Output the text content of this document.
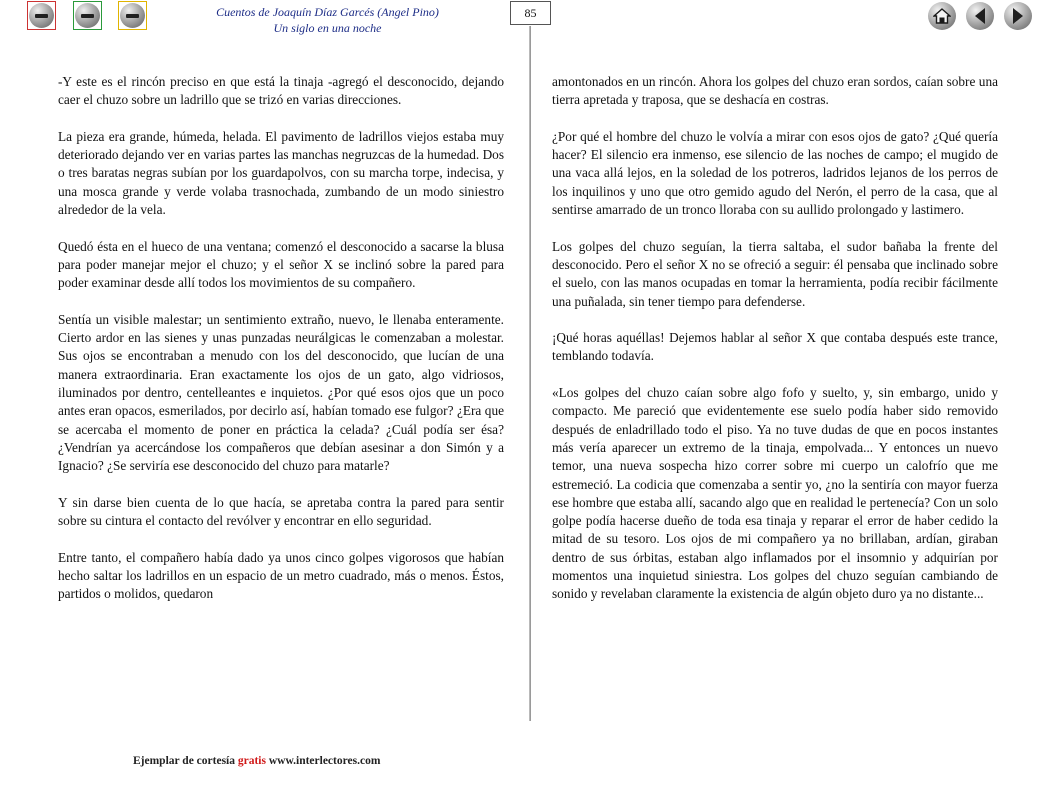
Cuentos de Joaquín Díaz Garcés (Angel Pino)
Un siglo en una noche
85

-Y este es el rincón preciso en que está la tinaja -agregó el desconocido, dejando caer el chuzo sobre un ladrillo que se trizó en varias direcciones.

La pieza era grande, húmeda, helada. El pavimento de ladrillos viejos estaba muy deteriorado dejando ver en varias partes las manchas negruzcas de la humedad. Dos o tres baratas negras subían por los guardapolvos, con su marcha torpe, indecisa, y una mosca grande y verde volaba trasnochada, zumbando de un modo siniestro alrededor de la vela.

Quedó ésta en el hueco de una ventana; comenzó el desconocido a sacarse la blusa para poder manejar mejor el chuzo; y el señor X se inclinó sobre la pared para poder examinar desde allí todos los movimientos de su compañero.

Sentía un visible malestar; un sentimiento extraño, nuevo, le llenaba enteramente. Cierto ardor en las sienes y unas punzadas neurálgicas le comenzaban a molestar. Sus ojos se encontraban a menudo con los del desconocido, que lucían de una manera extraordinaria. Eran exactamente los ojos de un gato, algo vidriosos, iluminados por dentro, centelleantes e inquietos. ¿Por qué esos ojos que un poco antes eran opacos, esmerilados, por decirlo así, habían tomado ese fulgor? ¿Era que se acercaba el momento de poner en práctica la celada? ¿Cuál podía ser ésa? ¿Vendrían ya acercándose los compañeros que debían asesinar a don Simón y a Ignacio? ¿Se serviría ese desconocido del chuzo para matarle?

Y sin darse bien cuenta de lo que hacía, se apretaba contra la pared para sentir sobre su cintura el contacto del revólver y encontrar en ello seguridad.

Entre tanto, el compañero había dado ya unos cinco golpes vigorosos que habían hecho saltar los ladrillos en un espacio de un metro cuadrado, más o menos. Éstos, partidos o molidos, quedaron

amontonados en un rincón. Ahora los golpes del chuzo eran sordos, caían sobre una tierra apretada y traposa, que se deshacía en costras.

¿Por qué el hombre del chuzo le volvía a mirar con esos ojos de gato? ¿Qué quería hacer? El silencio era inmenso, ese silencio de las noches de campo; el mugido de una vaca allá lejos, en la soledad de los potreros, ladridos lejanos de los perros de los inquilinos y uno que otro gemido agudo del Nerón, el perro de la casa, que al sentirse amarrado de un tronco lloraba con su aullido prolongado y lastimero.

Los golpes del chuzo seguían, la tierra saltaba, el sudor bañaba la frente del desconocido. Pero el señor X no se ofreció a seguir: él pensaba que inclinado sobre el suelo, con las manos ocupadas en tomar la herramienta, podía recibir fácilmente una puñalada, sin tener tiempo para defenderse.

¡Qué horas aquéllas! Dejemos hablar al señor X que contaba después este trance, temblando todavía.

«Los golpes del chuzo caían sobre algo fofo y suelto, y, sin embargo, unido y compacto. Me pareció que evidentemente ese suelo podía haber sido removido después de enladrillado todo el piso. Ya no tuve dudas de que en pocos instantes más vería aparecer un extremo de la tinaja, empolvada... Y entonces un nuevo temor, una nueva sospecha hizo correr sobre mi cuerpo un calofrío que me estremeció. La codicia que comenzaba a sentir yo, ¿no la sentiría con mayor fuerza ese hombre que estaba allí, sacando algo que en realidad le pertenecía? Con un solo golpe podía hacerse dueño de toda esa tinaja y reparar el error de haber cedido la mitad de su tesoro. Los ojos de mi compañero ya no brillaban, ardían, giraban dentro de sus órbitas, estaban algo inflamados por el insomnio y adquirían por momentos una inquietud siniestra. Los golpes del chuzo seguían cambiando de sonido y revelaban claramente la existencia de algún objeto duro ya no distante...

Ejemplar de cortesía gratis www.interlectores.com
